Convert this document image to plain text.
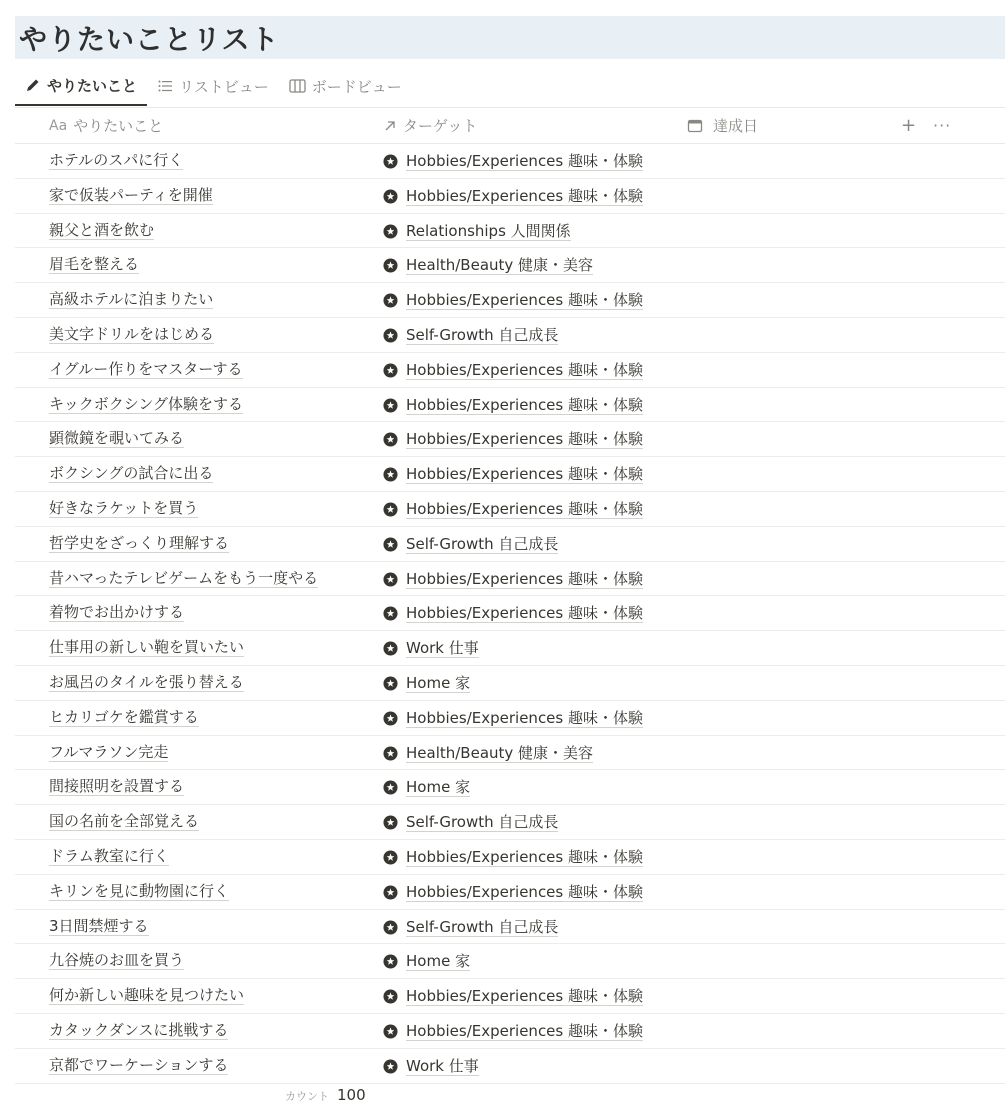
やりたいことリスト
やりたいこと	リストビュー	ボードビュー
Aa やりたいこと	ターゲット	達成日	+ ···
ホテルのスパに行く	Hobbies/Experiences 趣味・体験
家で仮装パーティを開催	Hobbies/Experiences 趣味・体験
親父と酒を飲む	Relationships 人間関係
眉毛を整える	Health/Beauty 健康・美容
高級ホテルに泊まりたい	Hobbies/Experiences 趣味・体験
美文字ドリルをはじめる	Self-Growth 自己成長
イグルー作りをマスターする	Hobbies/Experiences 趣味・体験
キックボクシング体験をする	Hobbies/Experiences 趣味・体験
顕微鏡を覗いてみる	Hobbies/Experiences 趣味・体験
ボクシングの試合に出る	Hobbies/Experiences 趣味・体験
好きなラケットを買う	Hobbies/Experiences 趣味・体験
哲学史をざっくり理解する	Self-Growth 自己成長
昔ハマったテレビゲームをもう一度やる	Hobbies/Experiences 趣味・体験
着物でお出かけする	Hobbies/Experiences 趣味・体験
仕事用の新しい鞄を買いたい	Work 仕事
お風呂のタイルを張り替える	Home 家
ヒカリゴケを鑑賞する	Hobbies/Experiences 趣味・体験
フルマラソン完走	Health/Beauty 健康・美容
間接照明を設置する	Home 家
国の名前を全部覚える	Self-Growth 自己成長
ドラム教室に行く	Hobbies/Experiences 趣味・体験
キリンを見に動物園に行く	Hobbies/Experiences 趣味・体験
3日間禁煙する	Self-Growth 自己成長
九谷焼のお皿を買う	Home 家
何か新しい趣味を見つけたい	Hobbies/Experiences 趣味・体験
カタックダンスに挑戦する	Hobbies/Experiences 趣味・体験
京都でワーケーションする	Work 仕事
カウント 100
